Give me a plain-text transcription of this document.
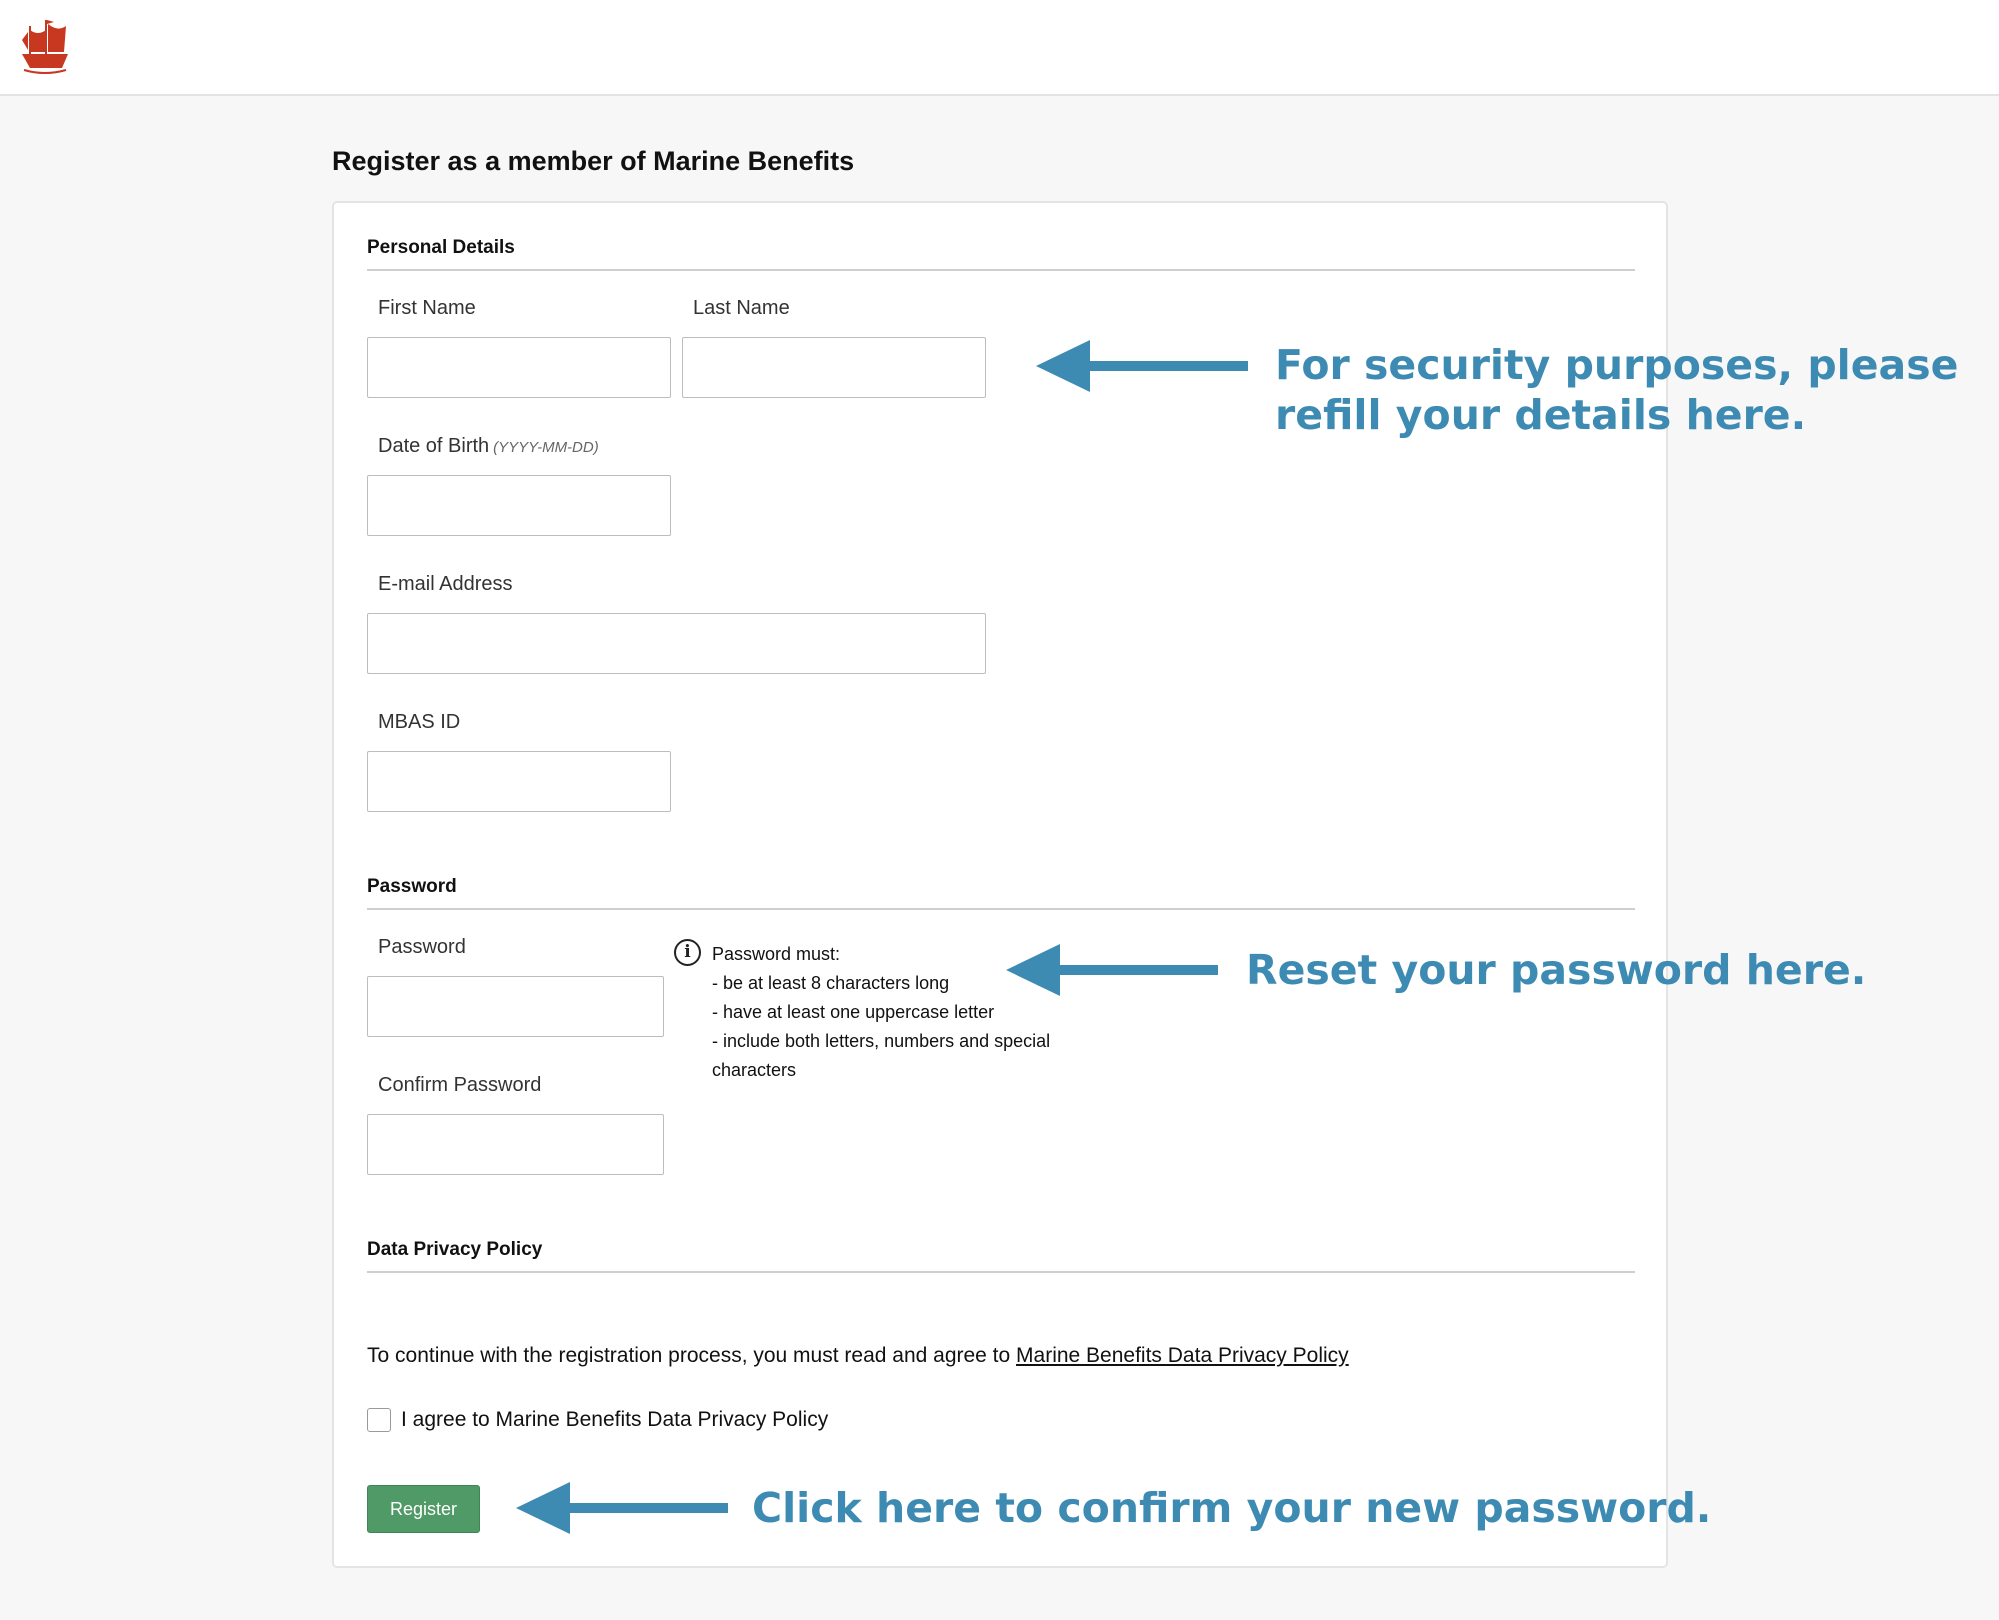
Register as a member of Marine Benefits
Personal Details
First Name	Last Name
Date of Birth (YYYY-MM-DD)
E-mail Address
MBAS ID
Password
Password
Confirm Password
i	Password must:
- be at least 8 characters long
- have at least one uppercase letter
- include both letters, numbers and special
characters
Data Privacy Policy
To continue with the registration process, you must read and agree to Marine Benefits Data Privacy Policy
I agree to Marine Benefits Data Privacy Policy
Register
For security purposes, please
refill your details here.
Reset your password here.
Click here to confirm your new password.
